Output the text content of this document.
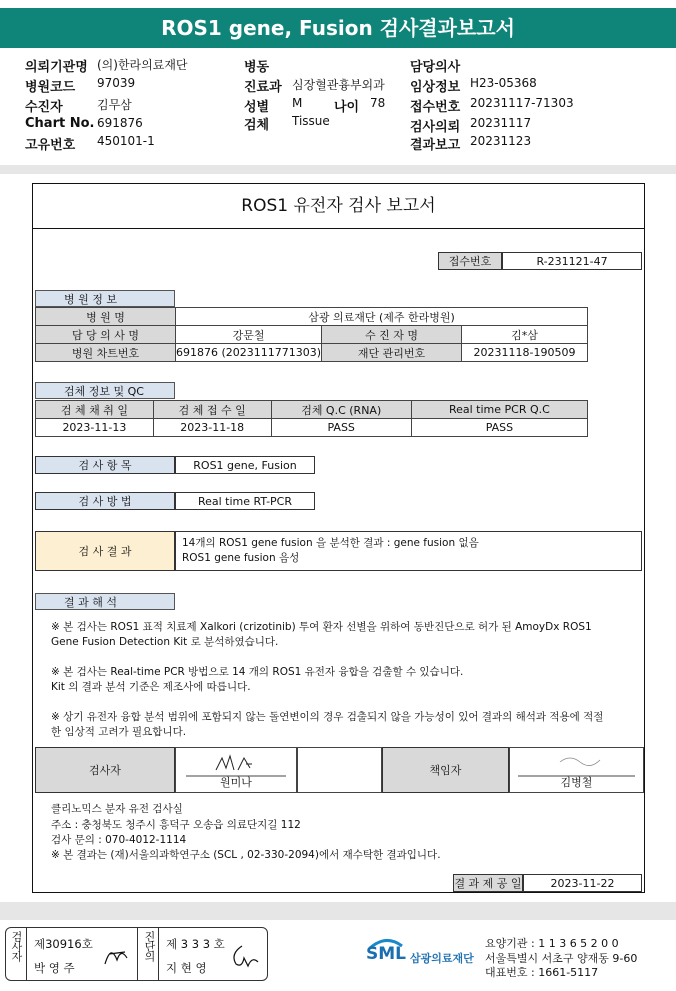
ROS1 gene, Fusion 검사결과보고서
의뢰기관명 (의)한라의료재단
병원코드 97039
수진자	김무삼
Chart No. 691876
고유번호 450101-1
병동
진료과 심장혈관흉부외과
성별 M 나이 78
검체 Tissue
담당의사
임상정보 H23-05368
접수번호 20231117-71303
검사의뢰 20231117
결과보고 20231123
ROS1 유전자 검사 보고서
접수번호	R-231121-47
병 원 정 보
병 원 명	삼광 의료재단 (제주 한라병원)		
담 당 의 사 명	강문철	수 진 자 명	김*삼
병원 차트번호	691876 (2023111771303)	재단 관리번호	20231118-190509
검체 정보 및 QC
검 체 채 취 일	검 체 접 수 일	검체 Q.C (RNA)	Real time PCR Q.C
2023-11-13	2023-11-18	PASS	PASS
검 사 항 목	ROS1 gene, Fusion
검 사 방 법	Real time RT-PCR
검 사 결 과
14개의 ROS1 gene fusion 을 분석한 결과 : gene fusion 없음
ROS1 gene fusion 음성
결 과 해 석
※ 본 검사는 ROS1 표적 치료제 Xalkori (crizotinib) 투여 환자 선별을 위하여 동반진단으로 허가 된 AmoyDx ROS1 Gene Fusion Detection Kit 로 분석하였습니다.
※ 본 검사는 Real-time PCR 방법으로 14 개의 ROS1 유전자 융합을 검출할 수 있습니다.
Kit 의 결과 분석 기준은 제조사에 따릅니다.
※ 상기 유전자 융합 분석 범위에 포함되지 않는 돌연변이의 경우 검출되지 않을 가능성이 있어 결과의 해석과 적용에 적절한 임상적 고려가 필요합니다.
검사자
원미나
책임자
김병철
클리노믹스 분자 유전 검사실
주소 : 충청북도 청주시 흥덕구 오송읍 의료단지길 112
검사 문의 : 070-4012-1114
※ 본 결과는 (재)서울의과학연구소 (SCL , 02-330-2094)에서 재수탁한 결과입니다.
결 과 제 공 일	2023-11-22
검사자 제30916호
박 영 주
진단의 제 3 3 3 호
지 현 영
SML 삼광의료재단
요양기관 : 1 1 3 6 5 2 0 0
서울특별시 서초구 양재동 9-60
대표번호 : 1661-5117
